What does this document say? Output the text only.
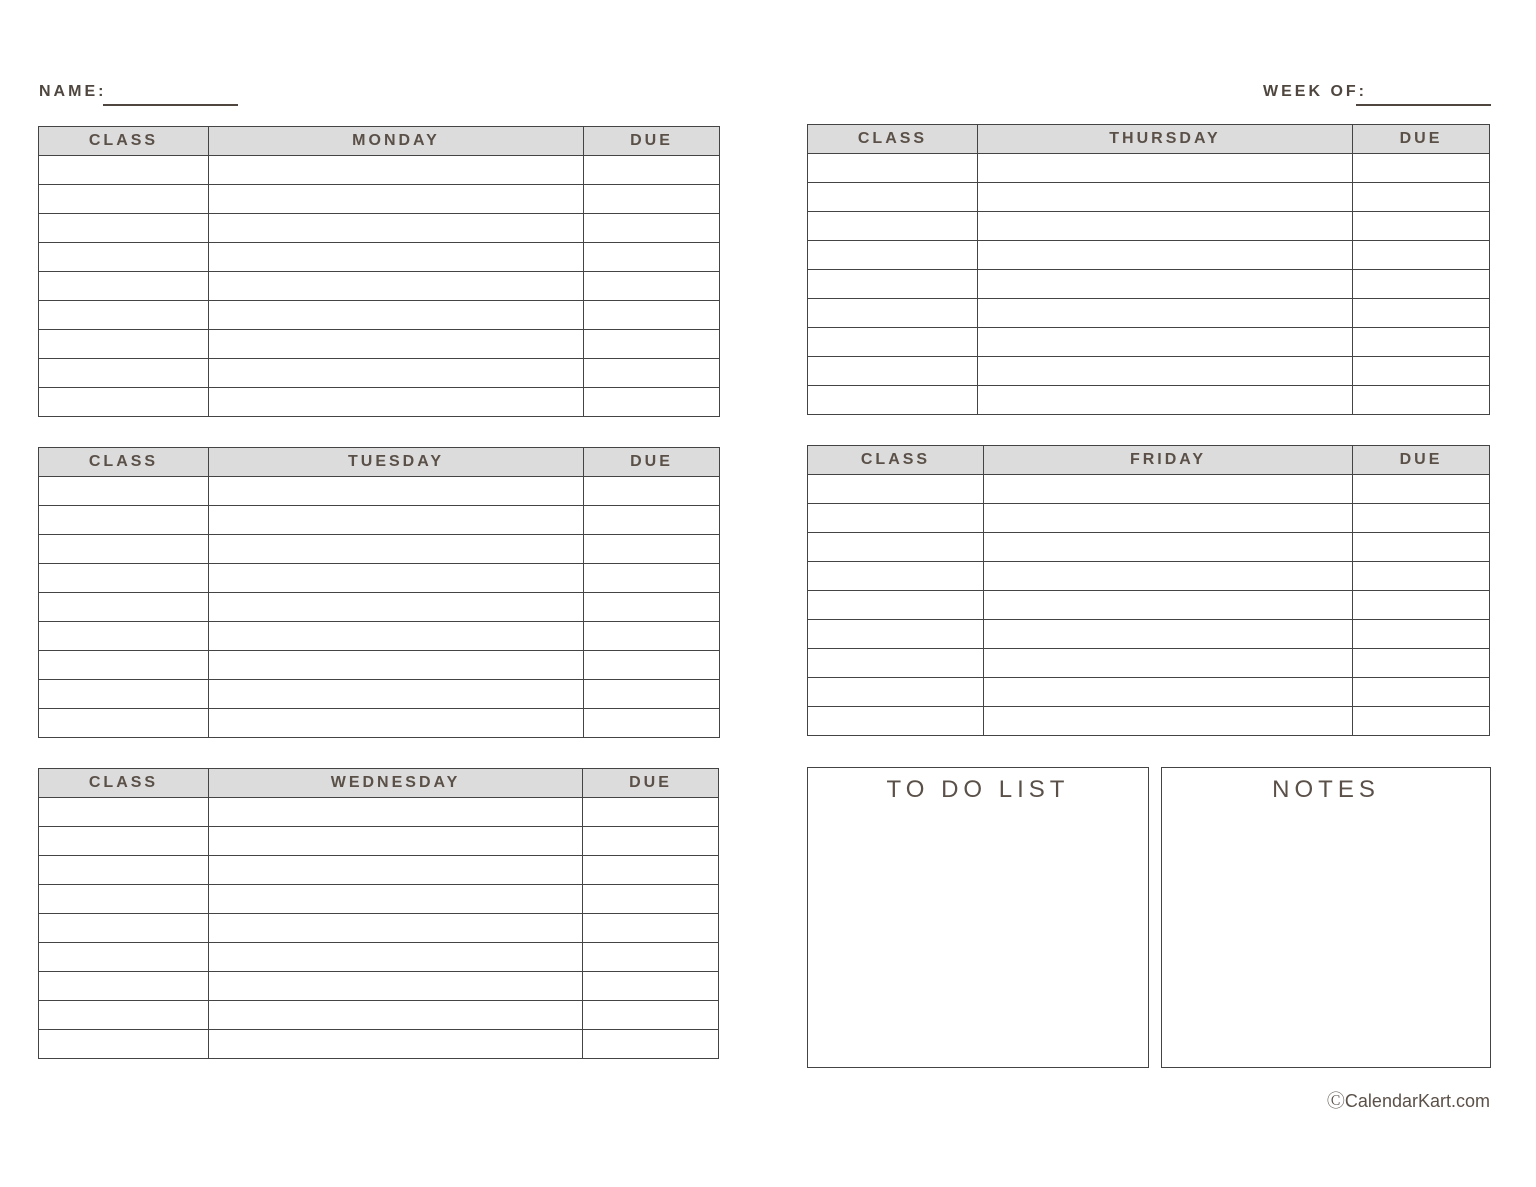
NAME:	WEEK OF:
CLASS	MONDAY	DUE

CLASS	TUESDAY	DUE

CLASS	WEDNESDAY	DUE

CLASS	THURSDAY	DUE

CLASS	FRIDAY	DUE

TO DO LIST	NOTES
ⒸCalendarKart.com
